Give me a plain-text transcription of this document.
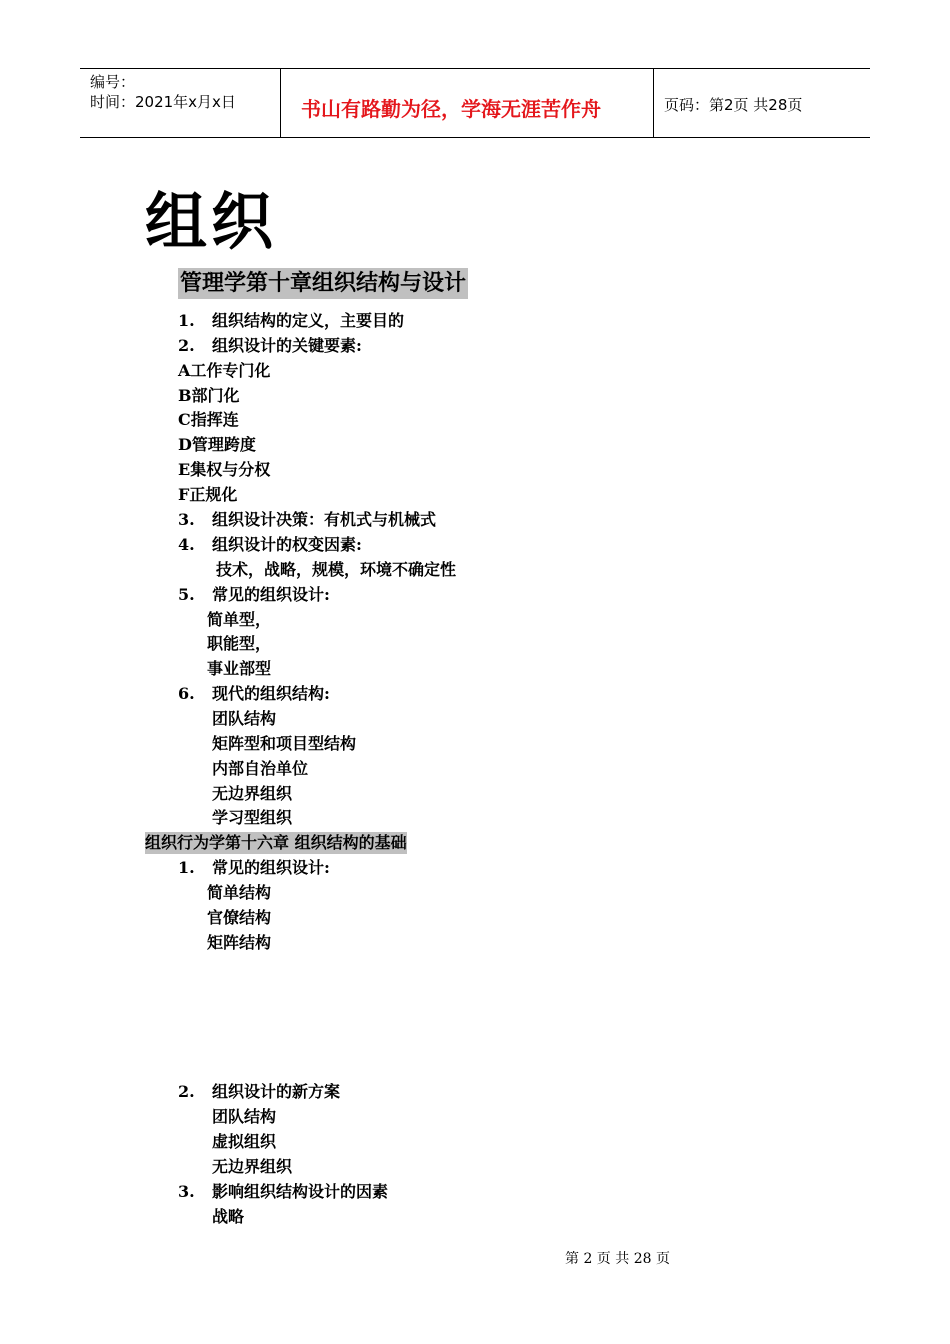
编号：
时间：2021年x月x日	书山有路勤为径，学海无涯苦作舟	页码：第2页 共28页
组织
管理学第十章组织结构与设计
1. 组织结构的定义，主要目的
2. 组织设计的关键要素:
A工作专门化
B部门化
C指挥连
D管理跨度
E集权与分权
F正规化
3. 组织设计决策：有机式与机械式
4. 组织设计的权变因素:
技术，战略，规模，环境不确定性
5. 常见的组织设计:
简单型，
职能型，
事业部型
6. 现代的组织结构:
团队结构
矩阵型和项目型结构
内部自治单位
无边界组织
学习型组织
组织行为学第十六章 组织结构的基础
1. 常见的组织设计:
简单结构
官僚结构
矩阵结构
2. 组织设计的新方案
团队结构
虚拟组织
无边界组织
3. 影响组织结构设计的因素
战略
第 2 页 共 28 页
